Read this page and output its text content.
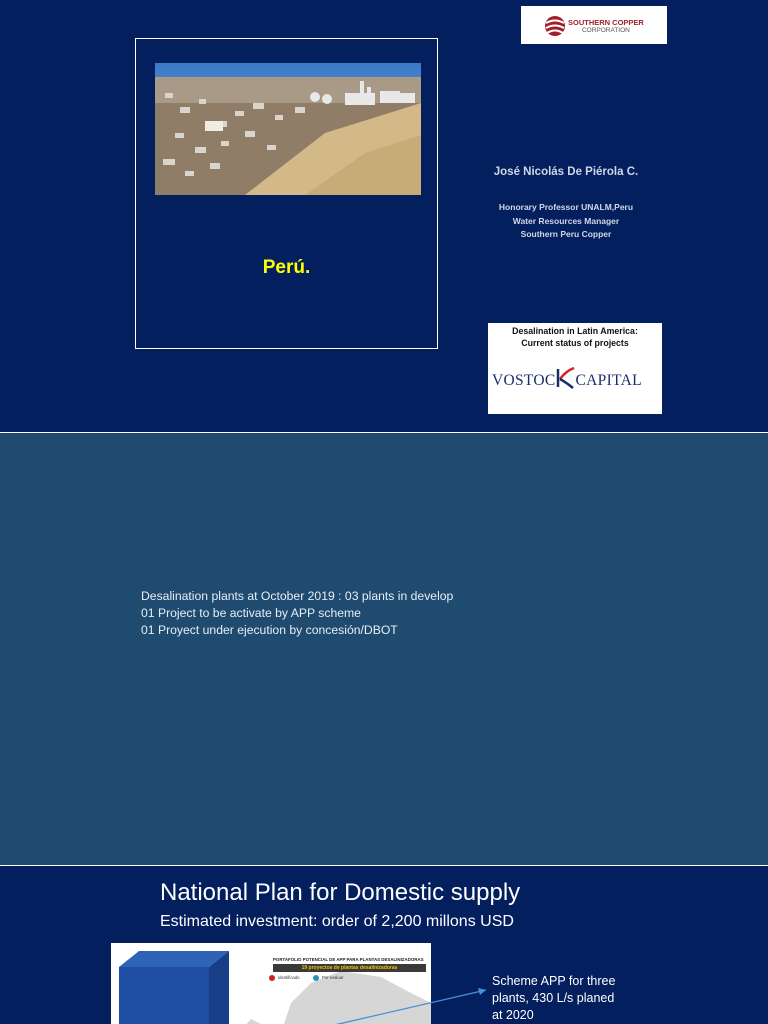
Perú.
SOUTHERN COPPER
CORPORATION
José Nicolás De Piérola C.
Honorary Professor UNALM,Peru
Water Resources Manager
Southern Peru Copper
Desalination in Latin America:
Current status of projects
VOSTOC CAPITAL
Desalination plants at October 2019 : 03 plants in develop
01 Project to be activate by APP scheme
01 Proyect under ejecution by concesión/DBOT
National Plan for Domestic supply
Estimated investment: order of 2,200 millons USD
PORTAFOLIO POTENCIAL DE APP PARA PLANTAS DESALINIZADORAS
19 proyectos de plantas desalinizadoras
Identificado	Por evaluar	Scheme APP for three
plants, 430 L/s planed
at 2020
